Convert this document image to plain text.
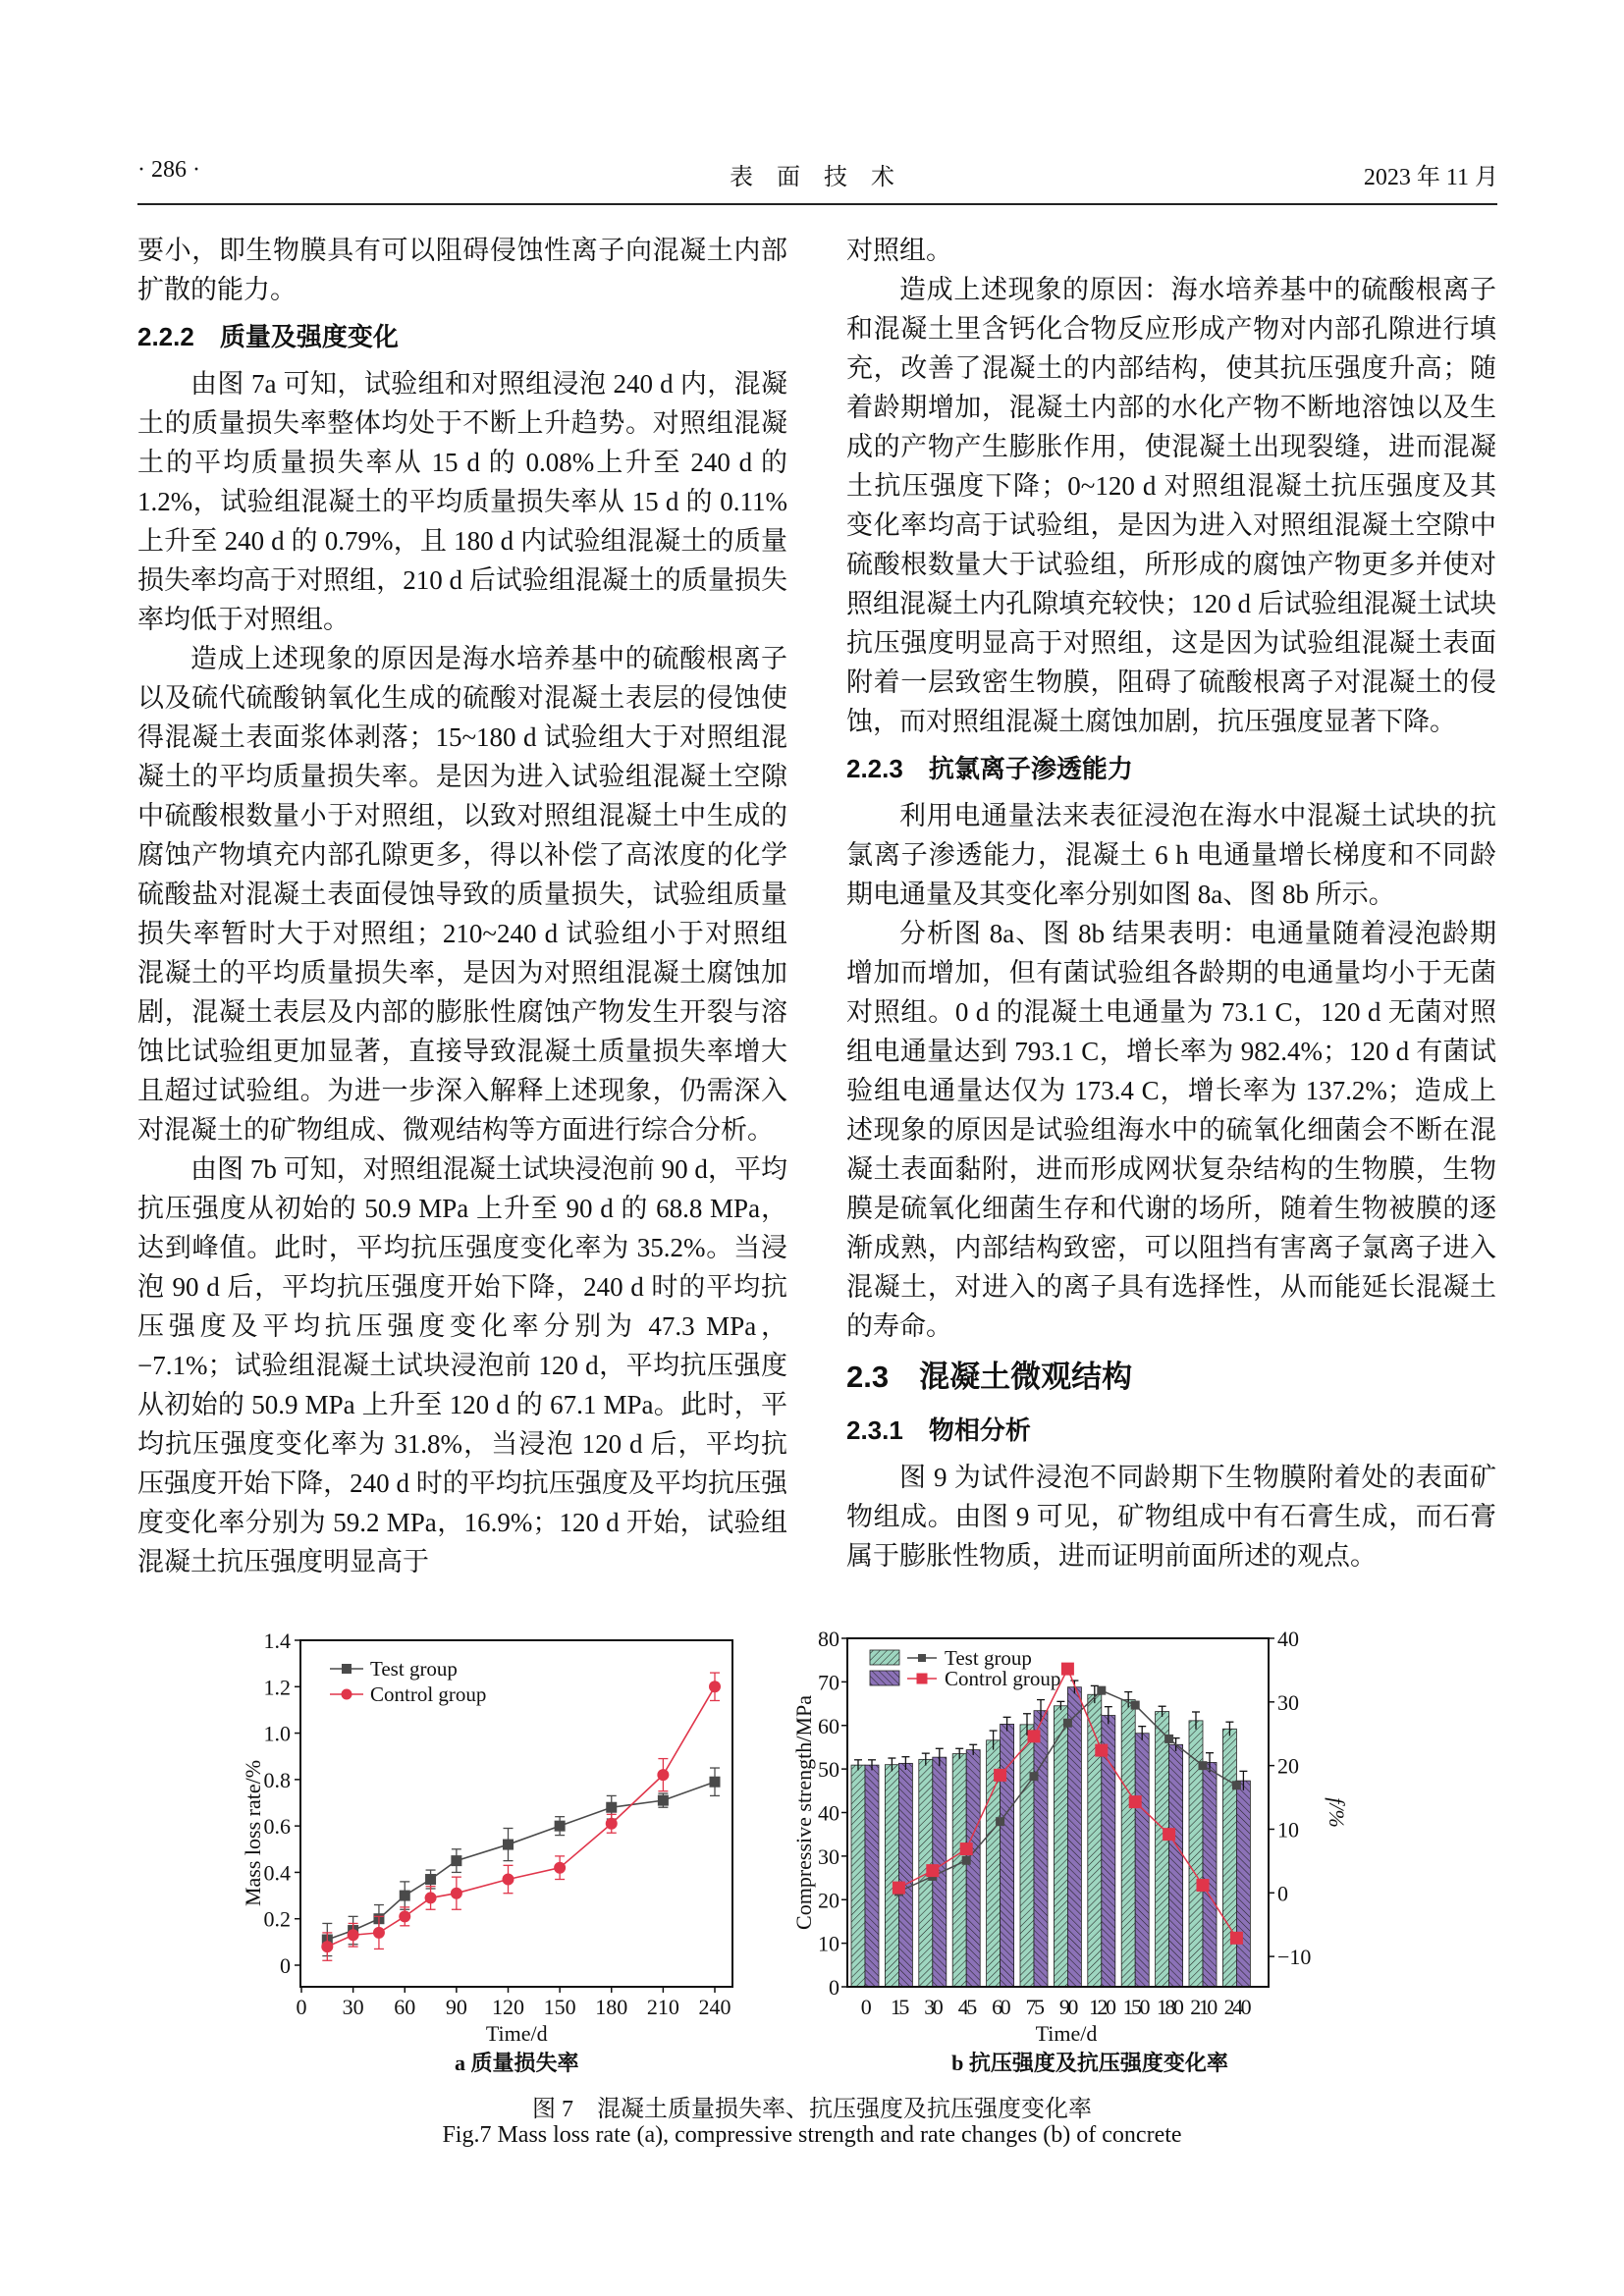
· 286 ·	表　面　技　术	2023 年 11 月

要小，即生物膜具有可以阻碍侵蚀性离子向混凝土内部扩散的能力。

2.2.2　质量及强度变化

由图 7a 可知，试验组和对照组浸泡 240 d 内，混凝土的质量损失率整体均处于不断上升趋势。对照组混凝土的平均质量损失率从 15 d 的 0.08%上升至 240 d 的 1.2%，试验组混凝土的平均质量损失率从 15 d 的 0.11%上升至 240 d 的 0.79%，且 180 d 内试验组混凝土的质量损失率均高于对照组，210 d 后试验组混凝土的质量损失率均低于对照组。

造成上述现象的原因是海水培养基中的硫酸根离子以及硫代硫酸钠氧化生成的硫酸对混凝土表层的侵蚀使得混凝土表面浆体剥落；15~180 d 试验组大于对照组混凝土的平均质量损失率。是因为进入试验组混凝土空隙中硫酸根数量小于对照组，以致对照组混凝土中生成的腐蚀产物填充内部孔隙更多，得以补偿了高浓度的化学硫酸盐对混凝土表面侵蚀导致的质量损失，试验组质量损失率暂时大于对照组；210~240 d 试验组小于对照组混凝土的平均质量损失率，是因为对照组混凝土腐蚀加剧，混凝土表层及内部的膨胀性腐蚀产物发生开裂与溶蚀比试验组更加显著，直接导致混凝土质量损失率增大且超过试验组。为进一步深入解释上述现象，仍需深入对混凝土的矿物组成、微观结构等方面进行综合分析。

由图 7b 可知，对照组混凝土试块浸泡前 90 d，平均抗压强度从初始的 50.9 MPa 上升至 90 d 的 68.8 MPa，达到峰值。此时，平均抗压强度变化率为 35.2%。当浸泡 90 d 后，平均抗压强度开始下降，240 d 时的平均抗压强度及平均抗压强度变化率分别为 47.3 MPa，−7.1%；试验组混凝土试块浸泡前 120 d，平均抗压强度从初始的 50.9 MPa 上升至 120 d 的 67.1 MPa。此时，平均抗压强度变化率为 31.8%，当浸泡 120 d 后，平均抗压强度开始下降，240 d 时的平均抗压强度及平均抗压强度变化率分别为 59.2 MPa，16.9%；120 d 开始，试验组混凝土抗压强度明显高于

对照组。

造成上述现象的原因：海水培养基中的硫酸根离子和混凝土里含钙化合物反应形成产物对内部孔隙进行填充，改善了混凝土的内部结构，使其抗压强度升高；随着龄期增加，混凝土内部的水化产物不断地溶蚀以及生成的产物产生膨胀作用，使混凝土出现裂缝，进而混凝土抗压强度下降；0~120 d 对照组混凝土抗压强度及其变化率均高于试验组，是因为进入对照组混凝土空隙中硫酸根数量大于试验组，所形成的腐蚀产物更多并使对照组混凝土内孔隙填充较快；120 d 后试验组混凝土试块抗压强度明显高于对照组，这是因为试验组混凝土表面附着一层致密生物膜，阻碍了硫酸根离子对混凝土的侵蚀，而对照组混凝土腐蚀加剧，抗压强度显著下降。

2.2.3　抗氯离子渗透能力

利用电通量法来表征浸泡在海水中混凝土试块的抗氯离子渗透能力，混凝土 6 h 电通量增长梯度和不同龄期电通量及其变化率分别如图 8a、图 8b 所示。

分析图 8a、图 8b 结果表明：电通量随着浸泡龄期增加而增加，但有菌试验组各龄期的电通量均小于无菌对照组。0 d 的混凝土电通量为 73.1 C，120 d 无菌对照组电通量达到 793.1 C，增长率为 982.4%；120 d 有菌试验组电通量达仅为 173.4 C，增长率为 137.2%；造成上述现象的原因是试验组海水中的硫氧化细菌会不断在混凝土表面黏附，进而形成网状复杂结构的生物膜，生物膜是硫氧化细菌生存和代谢的场所，随着生物被膜的逐渐成熟，内部结构致密，可以阻挡有害离子氯离子进入混凝土，对进入的离子具有选择性，从而能延长混凝土的寿命。

2.3　混凝土微观结构
2.3.1　物相分析

图 9 为试件浸泡不同龄期下生物膜附着处的表面矿物组成。由图 9 可见，矿物组成中有石膏生成，而石膏属于膨胀性物质，进而证明前面所述的观点。

0
0.2
0.4
0.6
0.8
1.0
1.2
1.4
0 30 60 90 120 150 180 210 240
Time/d
Mass loss rate/%
a 质量损失率
Test group
Control group
0
10
20
30
40
50
60
70
80
−10
0
10
20
30
40
0 15 30 45 60 75 90 120 150 180 210 240
Time/d
Compressive strength/MPa	f/%
b 抗压强度及抗压强度变化率
Test group
Control group
图 7　混凝土质量损失率、抗压强度及抗压强度变化率
Fig.7 Mass loss rate (a), compressive strength and rate changes (b) of concrete
